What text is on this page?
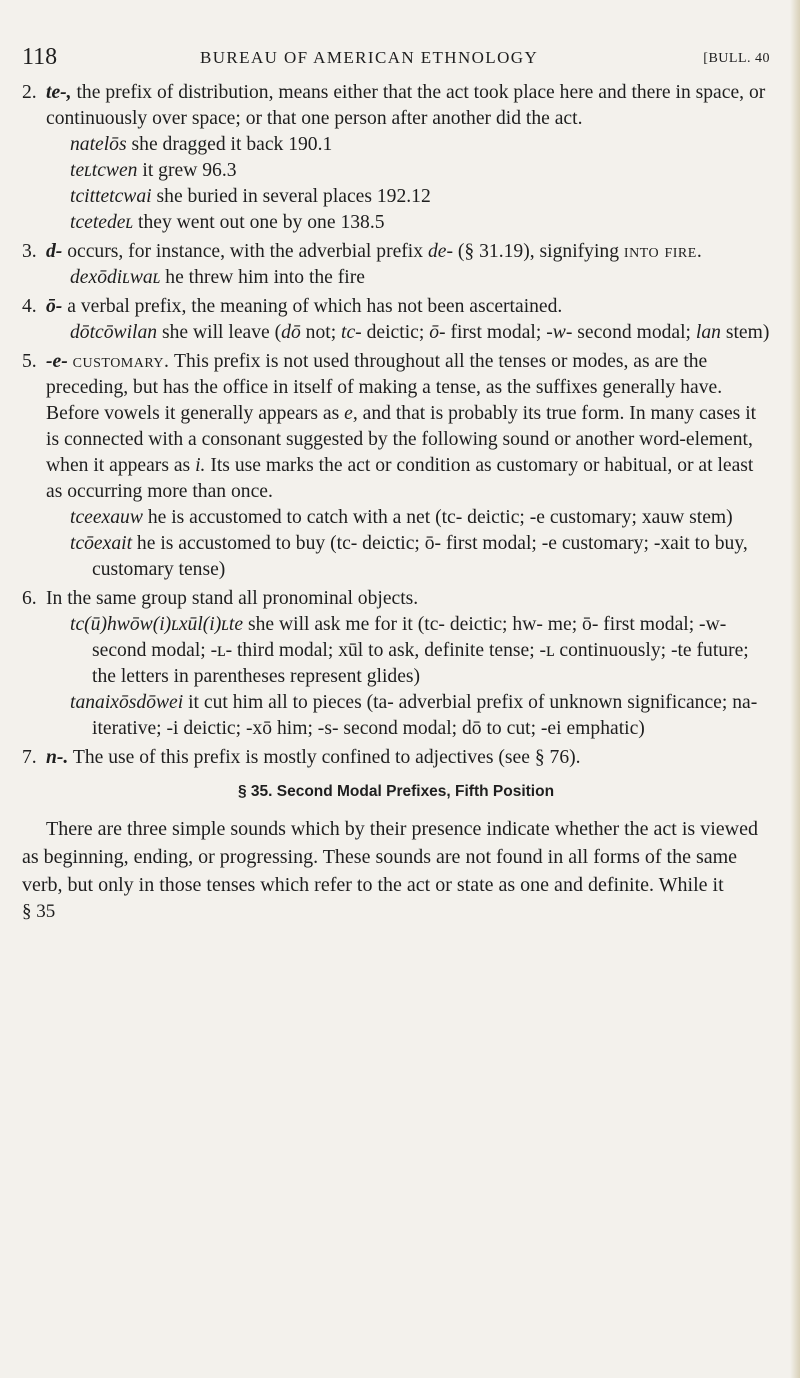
118	BUREAU OF AMERICAN ETHNOLOGY	[BULL. 40
2. te-, the prefix of distribution, means either that the act took place here and there in space, or continuously over space; or that one person after another did the act.
natelōs she dragged it back 190.1
teʟtcwen it grew 96.3
tcittetcwai she buried in several places 192.12
tcetedeʟ they went out one by one 138.5
3. d- occurs, for instance, with the adverbial prefix de- (§ 31.19), signifying into fire.
dexōdiʟwaʟ he threw him into the fire
4. ō- a verbal prefix, the meaning of which has not been ascertained.
dōtcōwilan she will leave (dō not; tc- deictic; ō- first modal; -w- second modal; lan stem)
5. -e- customary. This prefix is not used throughout all the tenses or modes, as are the preceding, but has the office in itself of making a tense, as the suffixes generally have. Before vowels it generally appears as e, and that is probably its true form. In many cases it is connected with a consonant suggested by the following sound or another word-element, when it appears as i. Its use marks the act or condition as customary or habitual, or at least as occurring more than once.
tceexauw he is accustomed to catch with a net (tc- deictic; -e customary; xauw stem)
tcōexait he is accustomed to buy (tc- deictic; ō- first modal; -e customary; -xait to buy, customary tense)
6. In the same group stand all pronominal objects.
tc(ū)hwōw(i)ʟxūl(i)ʟte she will ask me for it (tc- deictic; hw- me; ō- first modal; -w- second modal; -ʟ- third modal; xūl to ask, definite tense; -ʟ continuously; -te future; the letters in parentheses represent glides)
tanaixōsdōwei it cut him all to pieces (ta- adverbial prefix of unknown significance; na- iterative; -i deictic; -xō him; -s- second modal; dō to cut; -ei emphatic)
7. n-. The use of this prefix is mostly confined to adjectives (see § 76).
§ 35. Second Modal Prefixes, Fifth Position
There are three simple sounds which by their presence indicate whether the act is viewed as beginning, ending, or progressing. These sounds are not found in all forms of the same verb, but only in those tenses which refer to the act or state as one and definite. While it
§ 35
